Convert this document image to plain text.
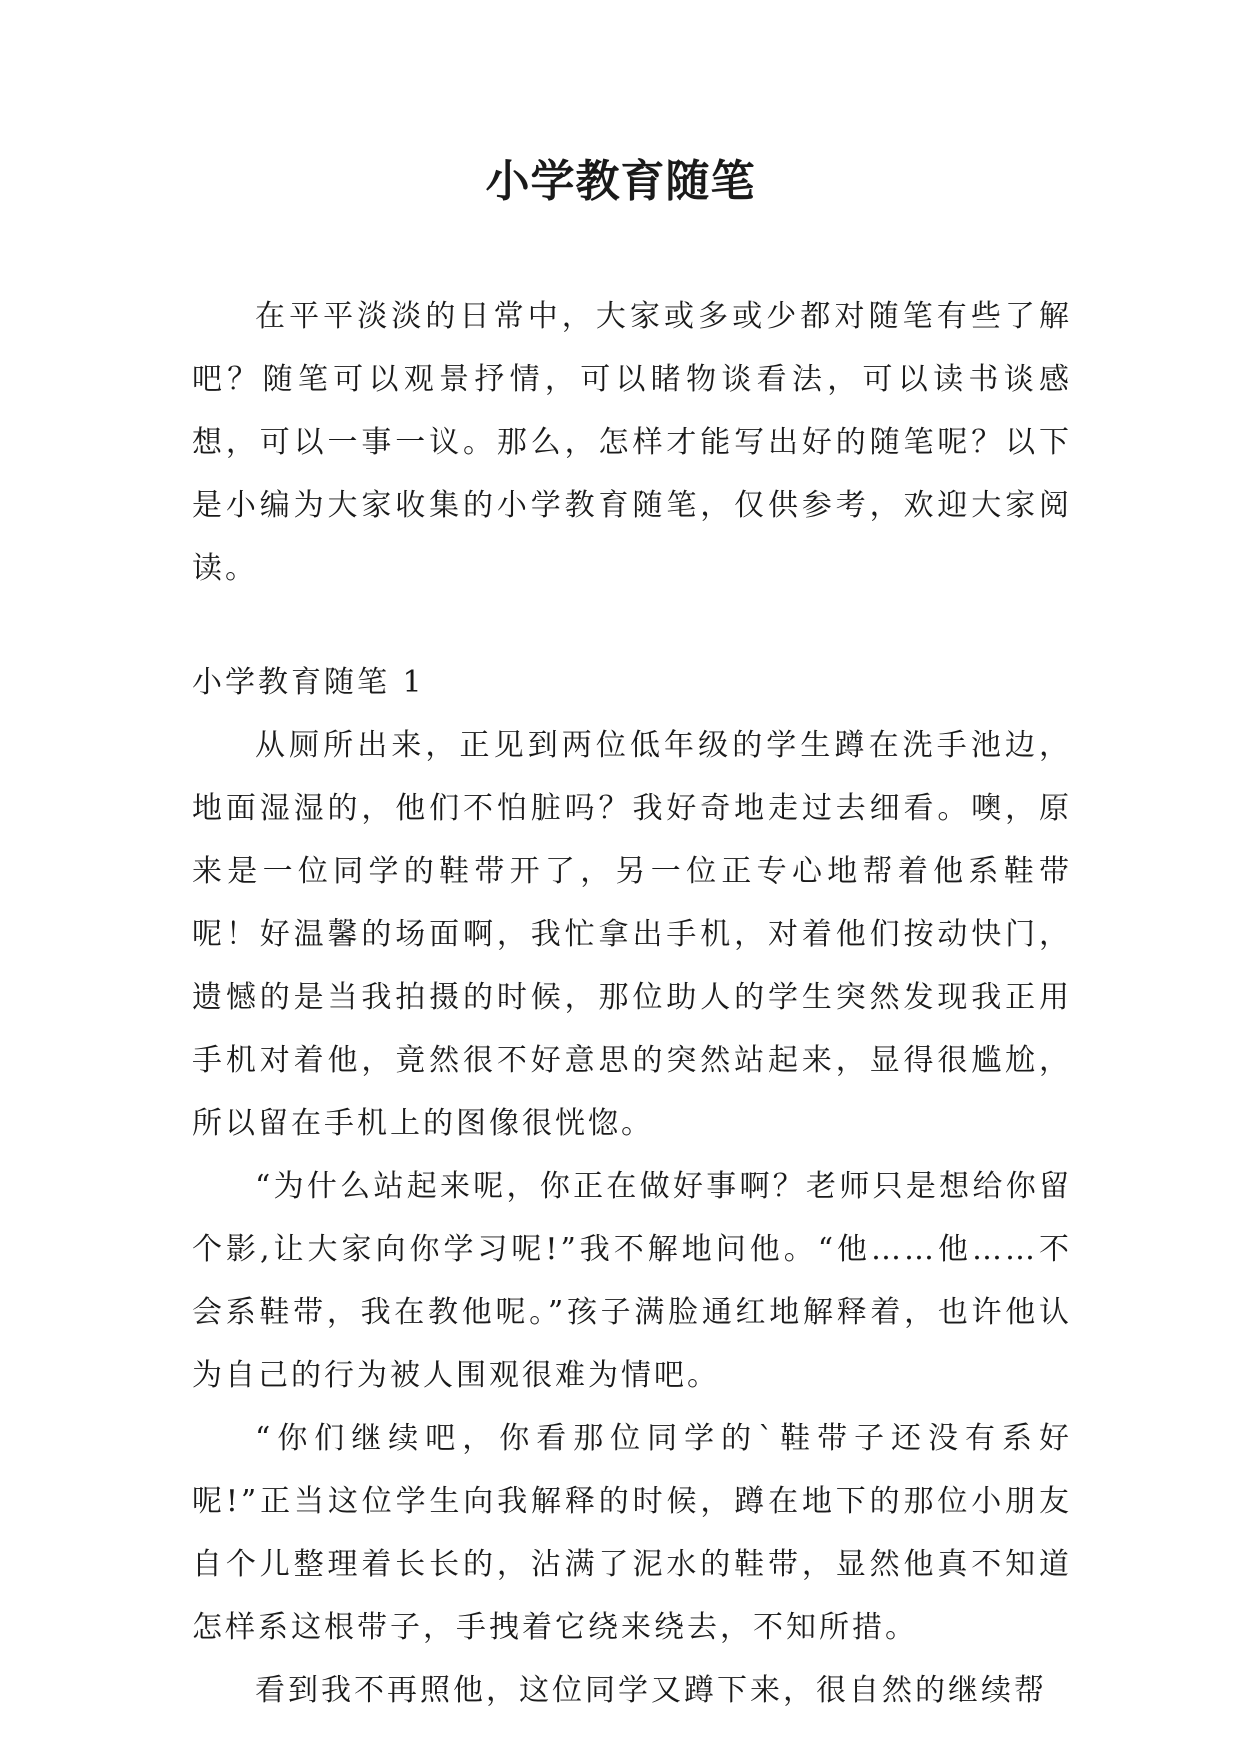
小学教育随笔

在平平淡淡的日常中，大家或多或少都对随笔有些了解吧？随笔可以观景抒情，可以睹物谈看法，可以读书谈感想，可以一事一议。那么，怎样才能写出好的随笔呢？以下是小编为大家收集的小学教育随笔，仅供参考，欢迎大家阅读。

小学教育随笔 1

从厕所出来，正见到两位低年级的学生蹲在洗手池边，地面湿湿的，他们不怕脏吗？我好奇地走过去细看。噢，原来是一位同学的鞋带开了，另一位正专心地帮着他系鞋带呢！好温馨的场面啊，我忙拿出手机，对着他们按动快门，遗憾的是当我拍摄的时候，那位助人的学生突然发现我正用手机对着他，竟然很不好意思的突然站起来，显得很尴尬，所以留在手机上的图像很恍惚。

“为什么站起来呢，你正在做好事啊？老师只是想给你留个影,让大家向你学习呢!”我不解地问他。“他……他……不会系鞋带，我在教他呢。”孩子满脸通红地解释着，也许他认为自己的行为被人围观很难为情吧。

“你们继续吧，你看那位同学的`鞋带子还没有系好呢!”正当这位学生向我解释的时候，蹲在地下的那位小朋友自个儿整理着长长的，沾满了泥水的鞋带，显然他真不知道怎样系这根带子，手拽着它绕来绕去，不知所措。

看到我不再照他，这位同学又蹲下来，很自然的继续帮
